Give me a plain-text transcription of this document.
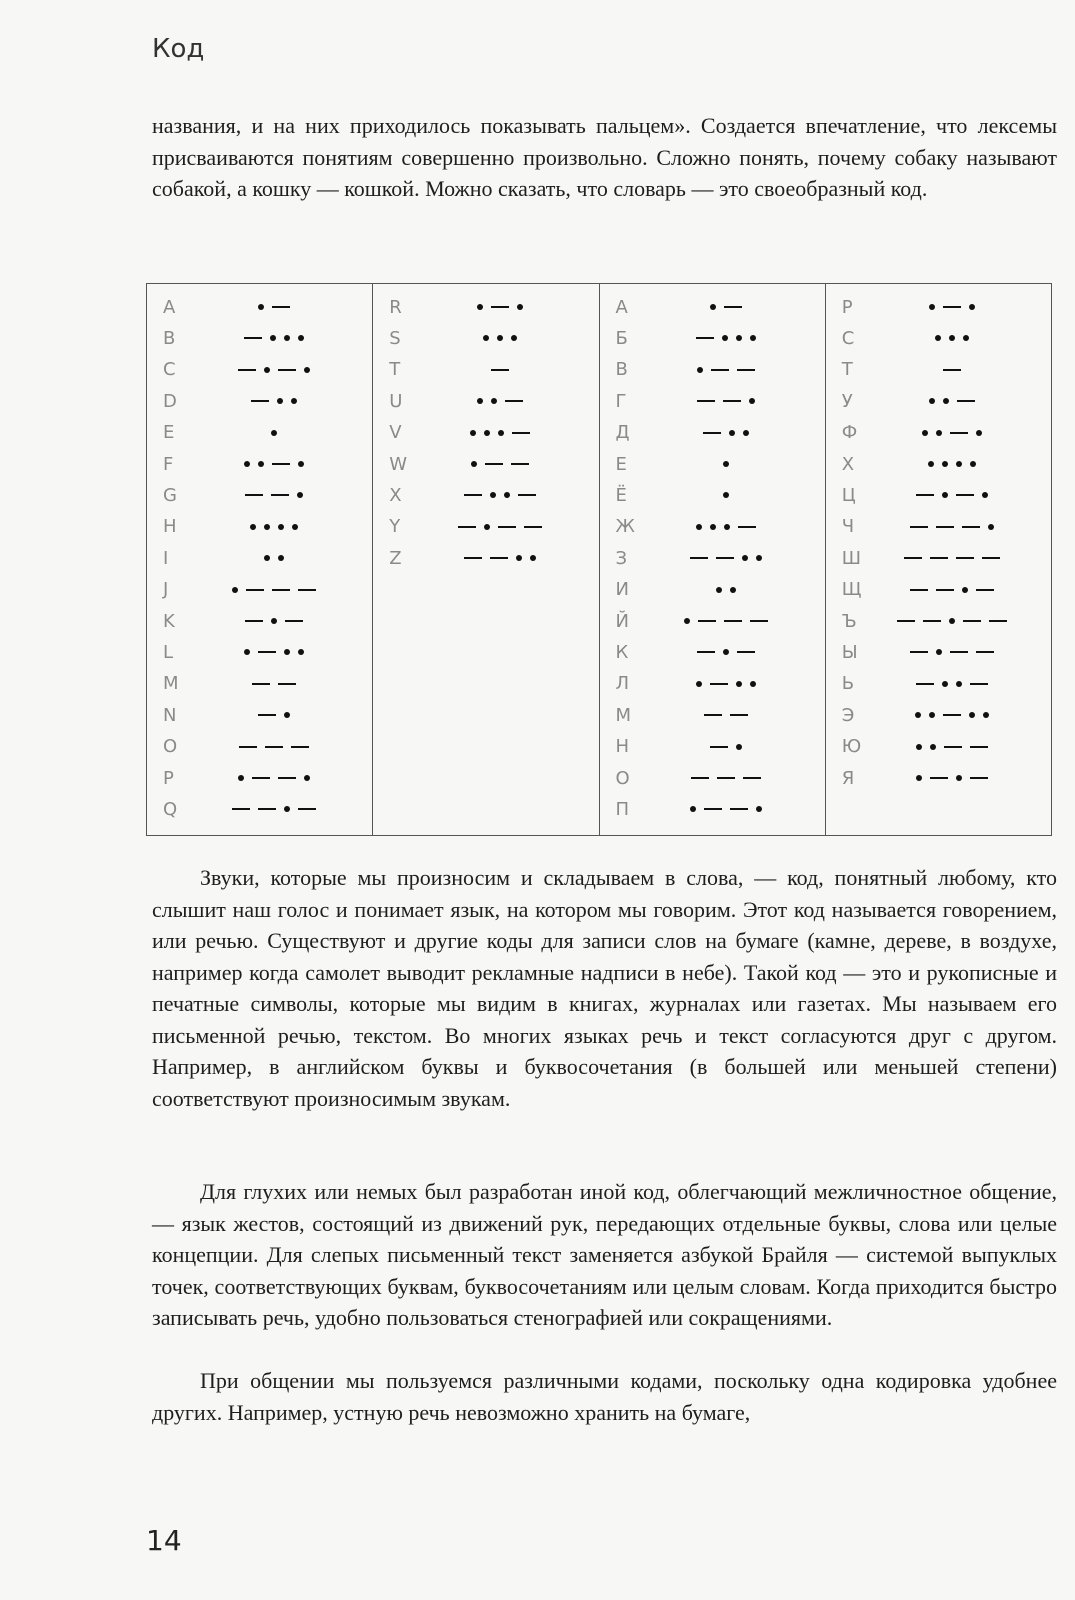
Код

названия, и на них приходилось показывать пальцем». Создается впечатление, что лексемы присваиваются понятиям совершенно произвольно. Сложно понять, почему собаку называют собакой, а кошку — кошкой. Можно сказать, что словарь — это своеобразный код.

A
B
C
D
E
F
G
H
I
J
K
L
M
N
O
P
Q
R
S
T
U
V
W
X
Y
Z
А
Б
В
Г
Д
Е
Ё
Ж
З
И
Й
К
Л
М
Н
О
П
Р
С
Т
У
Ф
Х
Ц
Ч
Ш
Щ
Ъ
Ы
Ь
Э
Ю
Я

Звуки, которые мы произносим и складываем в слова, — код, понятный любому, кто слышит наш голос и понимает язык, на котором мы говорим. Этот код называется говорением, или речью. Существуют и другие коды для записи слов на бумаге (камне, дереве, в воздухе, например когда самолет выводит рекламные надписи в небе). Такой код — это и рукописные и печатные символы, которые мы видим в книгах, журналах или газетах. Мы называем его письменной речью, текстом. Во многих языках речь и текст согласуются друг с другом. Например, в английском буквы и буквосочетания (в большей или меньшей степени) соответствуют произносимым звукам.

Для глухих или немых был разработан иной код, облегчающий межличностное общение, — язык жестов, состоящий из движений рук, передающих отдельные буквы, слова или целые концепции. Для слепых письменный текст заменяется азбукой Брайля — системой выпуклых точек, соответствующих буквам, буквосочетаниям или целым словам. Когда приходится быстро записывать речь, удобно пользоваться стенографией или сокращениями.

При общении мы пользуемся различными кодами, поскольку одна кодировка удобнее других. Например, устную речь невозможно хранить на бумаге,

14
